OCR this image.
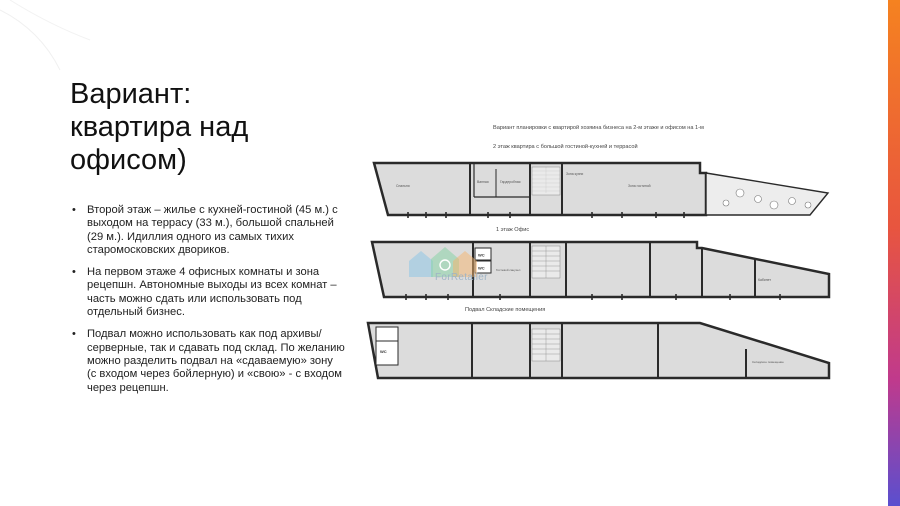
Вариант:
квартира над
офисом)
• Второй этаж – жилье с кухней-гостиной (45 м.) с выходом на террасу (33 м.), большой спальней (29 м.). Идиллия одного из самых тихих старомосковских двориков.
• На первом этаже 4 офисных комнаты и зона рецепшн. Автономные выходы из всех комнат – часть можно сдать или использовать под отдельный бизнес.
• Подвал можно использовать как под архивы/серверные, так и сдавать под склад. По желанию можно разделить подвал на «сдаваемую» зону (с входом через бойлерную) и «свою» - с входом через рецепшн.
Вариант планировки с квартирой хозяина бизнеса на 2-м этаже и офисом на 1-м
2 этаж квартира с большой гостиной-кухней и террасой
Спальня
Ванная	Гардеробная
Зона кухни
Зона гостиной
1 этаж Офис
WC
WC	Гостевой санузел
Кабинет
Подвал Складские помещения
WC
Складское помещение
ForRetailer
